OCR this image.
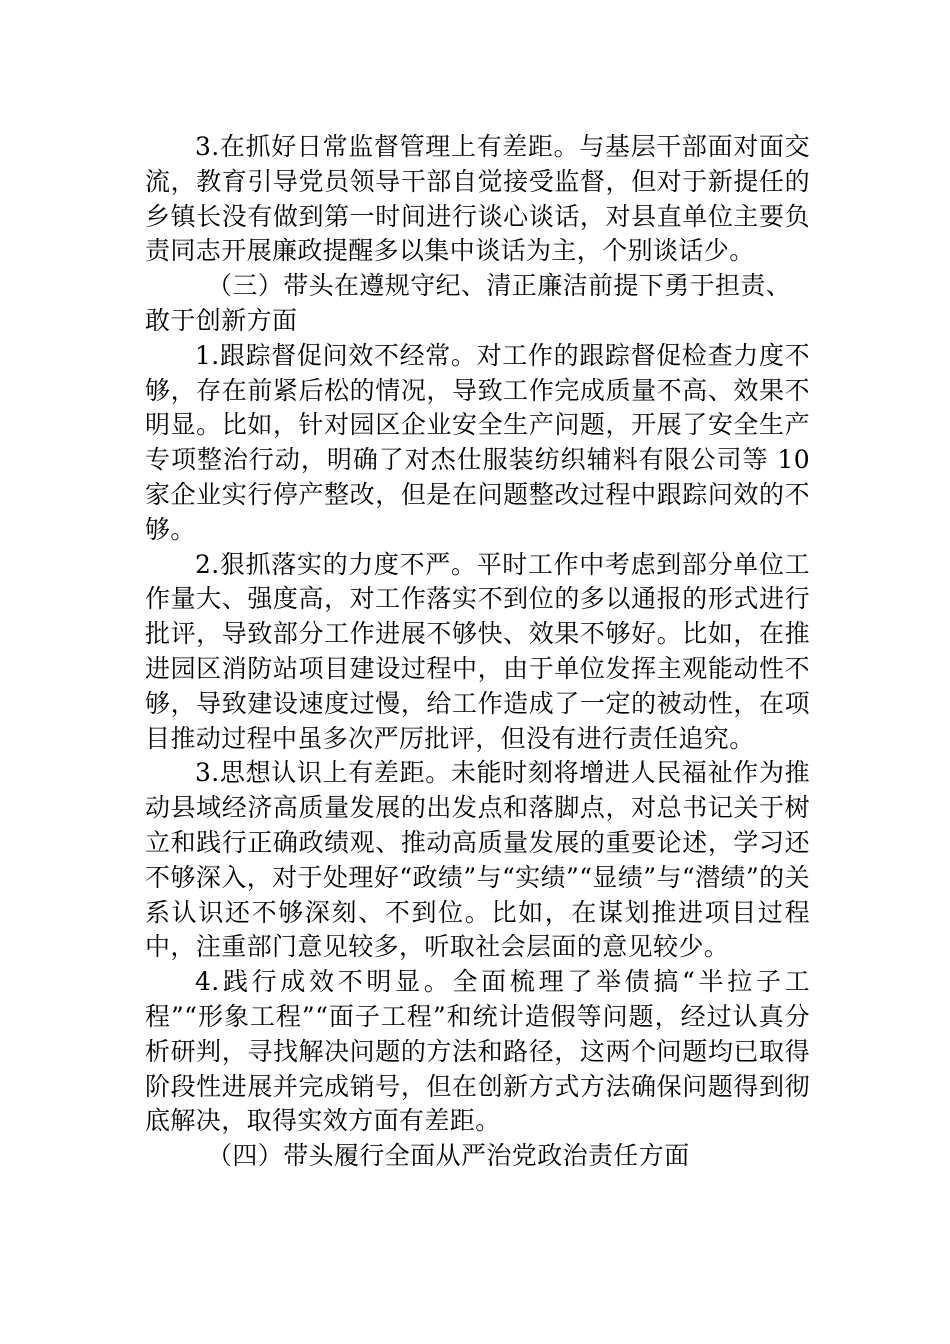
3.在抓好日常监督管理上有差距。与基层干部面对面交流，教育引导党员领导干部自觉接受监督，但对于新提任的乡镇长没有做到第一时间进行谈心谈话，对县直单位主要负责同志开展廉政提醒多以集中谈话为主，个别谈话少。

（三）带头在遵规守纪、清正廉洁前提下勇于担责、敢于创新方面

1.跟踪督促问效不经常。对工作的跟踪督促检查力度不够，存在前紧后松的情况，导致工作完成质量不高、效果不明显。比如，针对园区企业安全生产问题，开展了安全生产专项整治行动，明确了对杰仕服装纺织辅料有限公司等 10 家企业实行停产整改，但是在问题整改过程中跟踪问效的不够。

2.狠抓落实的力度不严。平时工作中考虑到部分单位工作量大、强度高，对工作落实不到位的多以通报的形式进行批评，导致部分工作进展不够快、效果不够好。比如，在推进园区消防站项目建设过程中，由于单位发挥主观能动性不够，导致建设速度过慢，给工作造成了一定的被动性，在项目推动过程中虽多次严厉批评，但没有进行责任追究。

3.思想认识上有差距。未能时刻将增进人民福祉作为推动县域经济高质量发展的出发点和落脚点，对总书记关于树立和践行正确政绩观、推动高质量发展的重要论述，学习还不够深入，对于处理好“政绩”与“实绩”“显绩”与“潜绩”的关系认识还不够深刻、不到位。比如，在谋划推进项目过程中，注重部门意见较多，听取社会层面的意见较少。

4.践行成效不明显。全面梳理了举债搞“半拉子工程”“形象工程”“面子工程”和统计造假等问题，经过认真分析研判，寻找解决问题的方法和路径，这两个问题均已取得阶段性进展并完成销号，但在创新方式方法确保问题得到彻底解决，取得实效方面有差距。

（四）带头履行全面从严治党政治责任方面
